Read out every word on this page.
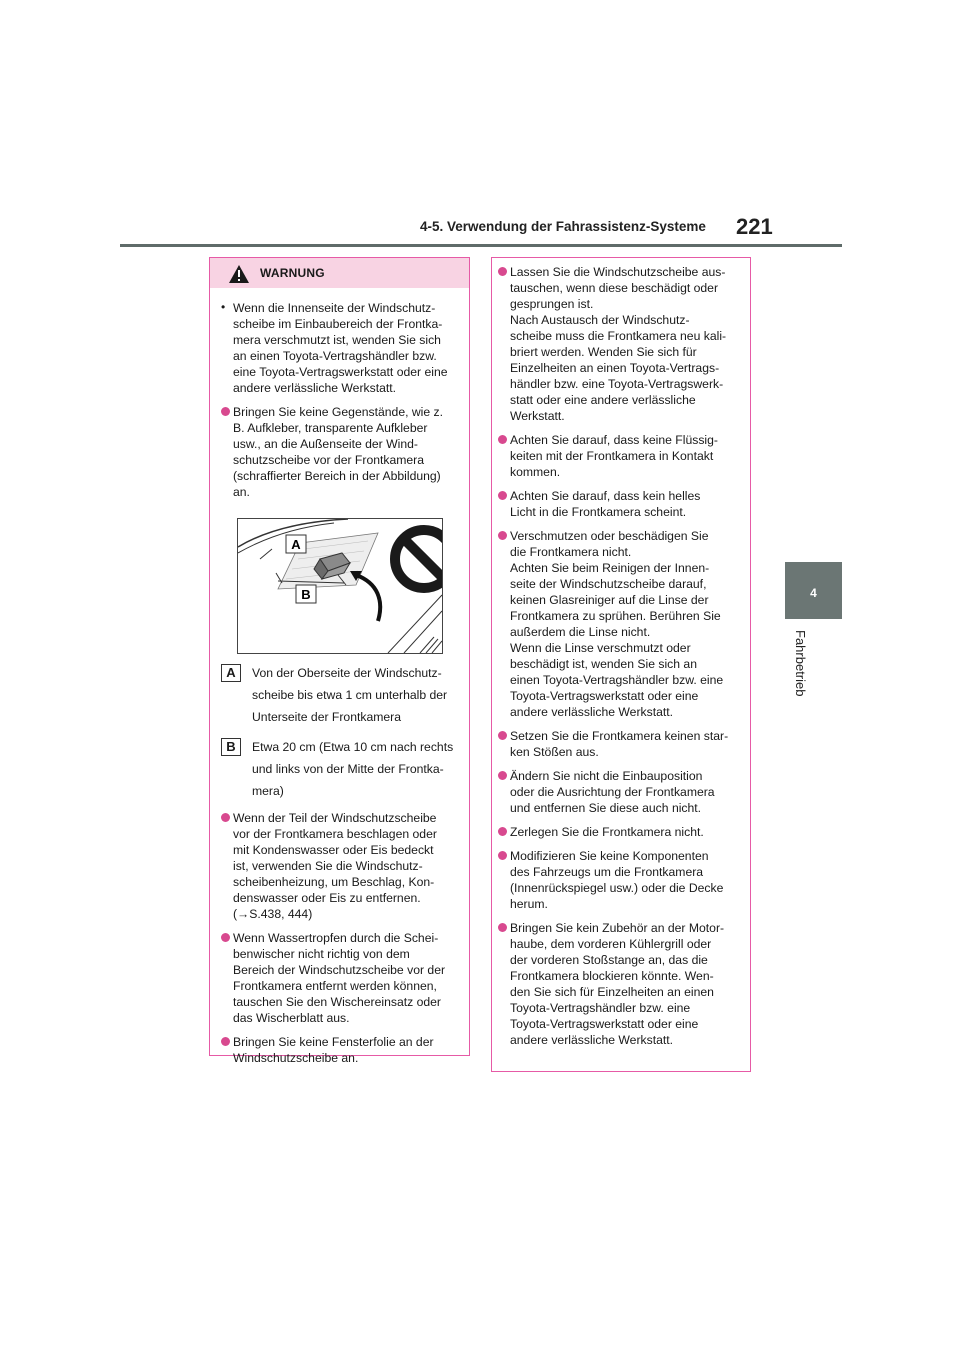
4-5. Verwendung der Fahrassistenz-Systeme 221
4
Fahrbetrieb
WARNUNG
• Wenn die Innenseite der Windschutz-
scheibe im Einbaubereich der Frontka-
mera verschmutzt ist, wenden Sie sich
an einen Toyota-Vertragshändler bzw.
eine Toyota-Vertragswerkstatt oder eine
andere verlässliche Werkstatt.

Bringen Sie keine Gegenstände, wie z.
B. Aufkleber, transparente Aufkleber
usw., an die Außenseite der Wind-
schutzscheibe vor der Frontkamera
(schraffierter Bereich in der Abbildung)
an.

A
B
A	Von der Oberseite der Windschutz-
scheibe bis etwa 1 cm unterhalb der
Unterseite der Frontkamera

B	Etwa 20 cm (Etwa 10 cm nach rechts
und links von der Mitte der Frontka-
mera)

Wenn der Teil der Windschutzscheibe
vor der Frontkamera beschlagen oder
mit Kondenswasser oder Eis bedeckt
ist, verwenden Sie die Windschutz-
scheibenheizung, um Beschlag, Kon-
denswasser oder Eis zu entfernen.
(→S.438, 444)

Wenn Wassertropfen durch die Schei-
benwischer nicht richtig von dem
Bereich der Windschutzscheibe vor der
Frontkamera entfernt werden können,
tauschen Sie den Wischereinsatz oder
das Wischerblatt aus.

Bringen Sie keine Fensterfolie an der
Windschutzscheibe an.

Lassen Sie die Windschutzscheibe aus-
tauschen, wenn diese beschädigt oder
gesprungen ist.
Nach Austausch der Windschutz-
scheibe muss die Frontkamera neu kali-
briert werden. Wenden Sie sich für
Einzelheiten an einen Toyota-Vertrags-
händler bzw. eine Toyota-Vertragswerk-
statt oder eine andere verlässliche
Werkstatt.

Achten Sie darauf, dass keine Flüssig-
keiten mit der Frontkamera in Kontakt
kommen.

Achten Sie darauf, dass kein helles
Licht in die Frontkamera scheint.

Verschmutzen oder beschädigen Sie
die Frontkamera nicht.
Achten Sie beim Reinigen der Innen-
seite der Windschutzscheibe darauf,
keinen Glasreiniger auf die Linse der
Frontkamera zu sprühen. Berühren Sie
außerdem die Linse nicht.
Wenn die Linse verschmutzt oder
beschädigt ist, wenden Sie sich an
einen Toyota-Vertragshändler bzw. eine
Toyota-Vertragswerkstatt oder eine
andere verlässliche Werkstatt.

Setzen Sie die Frontkamera keinen star-
ken Stößen aus.

Ändern Sie nicht die Einbauposition
oder die Ausrichtung der Frontkamera
und entfernen Sie diese auch nicht.

Zerlegen Sie die Frontkamera nicht.

Modifizieren Sie keine Komponenten
des Fahrzeugs um die Frontkamera
(Innenrückspiegel usw.) oder die Decke
herum.

Bringen Sie kein Zubehör an der Motor-
haube, dem vorderen Kühlergrill oder
der vorderen Stoßstange an, das die
Frontkamera blockieren könnte. Wen-
den Sie sich für Einzelheiten an einen
Toyota-Vertragshändler bzw. eine
Toyota-Vertragswerkstatt oder eine
andere verlässliche Werkstatt.
